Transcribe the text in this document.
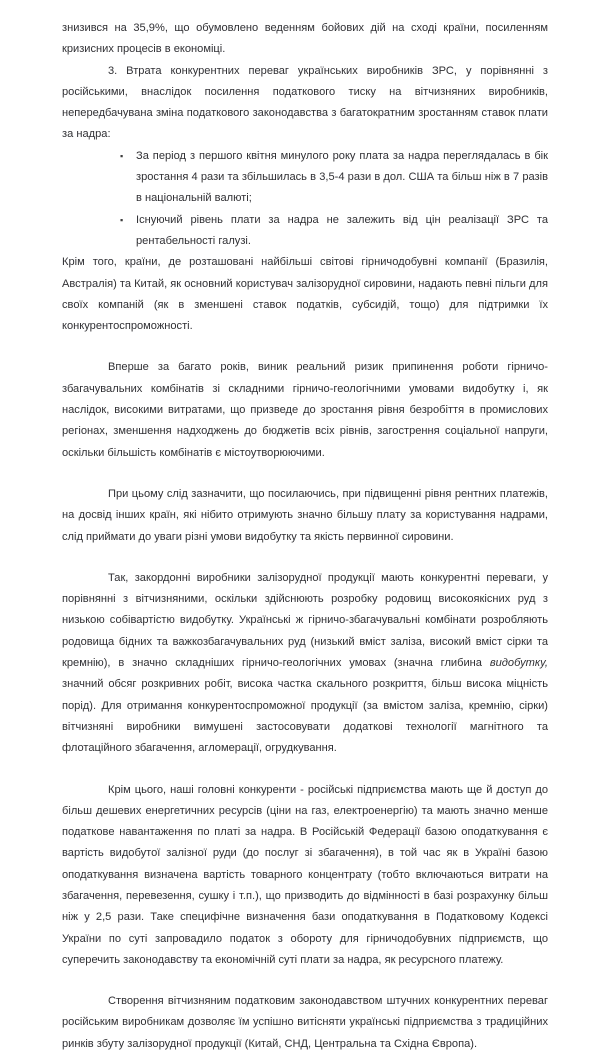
знизився на 35,9%, що обумовлено веденням бойових дій на сході країни, посиленням кризисних процесів в економіці.

3. Втрата конкурентних переваг українських виробників ЗРС, у порівнянні з російськими, внаслідок посилення податкового тиску на вітчизняних виробників, непередбачувана зміна податкового законодавства з багатократним зростанням ставок плати за надра:

▪ За період з першого квітня минулого року плата за надра переглядалась в бік зростання 4 рази та збільшилась в 3,5-4 рази в дол. США та більш ніж в 7 разів в національній валюті;
▪ Існуючий рівень плати за надра не залежить від цін реалізації ЗРС та рентабельності галузі.

Крім того, країни, де розташовані найбільші світові гірничодобувні компанії (Бразилія, Австралія) та Китай, як основний користувач залізорудної сировини, надають певні пільги для своїх компаній (як в зменшені ставок податків, субсидій, тощо) для підтримки їх конкурентоспроможності.

Вперше за багато років, виник реальний ризик припинення роботи гірничо-збагачувальних комбінатів зі складними гірничо-геологічними умовами видобутку і, як наслідок, високими витратами, що призведе до зростання рівня безробіття в промислових регіонах, зменшення надходжень до бюджетів всіх рівнів, загострення соціальної напруги, оскільки більшість комбінатів є містоутворюючими.

При цьому слід зазначити, що посилаючись, при підвищенні рівня рентних платежів, на досвід інших країн, які нібито отримують значно більшу плату за користування надрами, слід приймати до уваги різні умови видобутку та якість первинної сировини.

Так, закордонні виробники залізорудної продукції мають конкурентні переваги, у порівнянні з вітчизняними, оскільки здійснюють розробку родовищ високоякісних руд з низькою собівартістю видобутку. Українські ж гірничо-збагачувальні комбінати розробляють родовища бідних та важкозбагачувальних руд (низький вміст заліза, високий вміст сірки та кремнію), в значно складніших гірничо-геологічних умовах (значна глибина видобутку, значний обсяг розкривних робіт, висока частка скального розкриття, більш висока міцність порід). Для отримання конкурентоспроможної продукції (за вмістом заліза, кремнію, сірки) вітчизняні виробники вимушені застосовувати додаткові технології магнітного та флотаційного збагачення, агломерації, огрудкування.

Крім цього, наші головні конкуренти - російські підприємства мають ще й доступ до більш дешевих енергетичних ресурсів (ціни на газ, електроенергію) та мають значно менше податкове навантаження по платі за надра. В Російській Федерації базою оподаткування є вартість видобутої залізної руди (до послуг зі збагачення), в той час як в Україні базою оподаткування визначена вартість товарного концентрату (тобто включаються витрати на збагачення, перевезення, сушку і т.п.), що призводить до відмінності в базі розрахунку більш ніж у 2,5 рази. Таке специфічне визначення бази оподаткування в Податковому Кодексі України по суті запровадило податок з обороту для гірничодобувних підприємств, що суперечить законодавству та економічній суті плати за надра, як ресурсного платежу.

Створення вітчизняним податковим законодавством штучних конкурентних переваг російським виробникам дозволяє їм успішно витісняти українські підприємства з традиційних ринків збуту залізорудної продукції (Китай, СНД, Центральна та Східна Європа).
